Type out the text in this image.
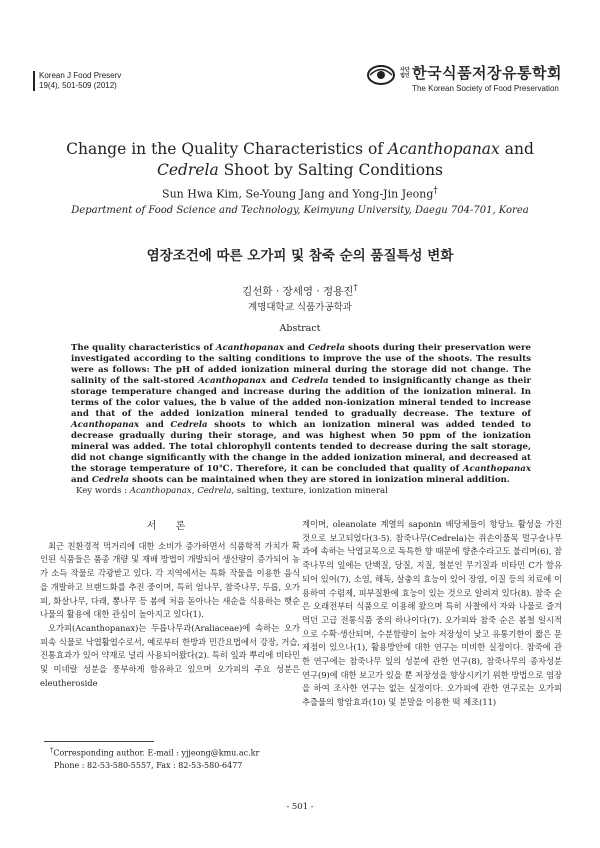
Korean J Food Preserv
19(4), 501-509 (2012)
사단 법인 한국식품저장유통학회
The Korean Society of Food Preservation
Change in the Quality Characteristics of Acanthopanax and
Cedrela Shoot by Salting Conditions
Sun Hwa Kim, Se-Young Jang and Yong-Jin Jeong†
Department of Food Science and Technology, Keimyung University, Daegu 704-701, Korea
염장조건에 따른 오가피 및 참죽 순의 품질특성 변화
김선화 · 장세영 · 정용진†
계명대학교 식품가공학과
Abstract
The quality characteristics of Acanthopanax and Cedrela shoots during their preservation were investigated according to the salting conditions to improve the use of the shoots. The results were as follows: The pH of added ionization mineral during the storage did not change. The salinity of the salt-stored Acanthopanax and Cedrela tended to insignificantly change as their storage temperature changed and increase during the addition of the ionization mineral. In terms of the color values, the b value of the added non-ionization mineral tended to increase and that of the added ionization mineral tended to gradually decrease. The texture of Acanthopanax and Cedrela shoots to which an ionization mineral was added tended to decrease gradually during their storage, and was highest when 50 ppm of the ionization mineral was added. The total chlorophyll contents tended to decrease during the salt storage, did not change significantly with the change in the added ionization mineral, and decreased at the storage temperature of 10℃. Therefore, it can be concluded that quality of Acanthopanax and Cedrela shoots can be maintained when they are stored in ionization mineral addition.
Key words : Acanthopanax, Cedrela, salting, texture, ionization mineral
서 론

최근 친환경적 먹거리에 대한 소비가 증가하면서 식품학적 가치가 확인된 식품들은 품종 개량 및 재배 방법이 개발되어 생산량이 증가되어 농가 소득 작물로 각광받고 있다. 각 지역에서는 특화 작물을 이용한 음식을 개발하고 브랜드화를 추진 중이며, 특히 엄나무, 참죽나무, 두릅, 오가피, 화살나무, 다래, 뽕나무 등 봄에 처음 돋아나는 새순을 식용하는 햇순나물의 활용에 대한 관심이 높아지고 있다(1).

오가피(Acanthopanax)는 두릅나무과(Araliaceae)에 속하는 오가피속 식물로 낙엽활엽수로서, 예로부터 한방과 민간요법에서 강장, 거습, 진통효과가 있어 약재로 널리 사용되어왔다(2). 특히 잎과 뿌리에 비타민 및 미네랄 성분을 풍부하게 함유하고 있으며 오가피의 주요 성분은 eleutheroside

계이며, oleanolate 계열의 saponin 배당체들이 항당뇨 활성을 가진 것으로 보고되었다(3-5). 참죽나무(Cedrela)는 쥐손이풀목 멀구슬나무과에 속하는 낙엽교목으로 독특한 향 때문에 향춘수라고도 불리며(6), 참죽나무의 잎에는 단백질, 당질, 지질, 철분인 무기질과 비타민 C가 함유되어 있어(7), 소염, 해독, 살충의 효능이 있어 장염, 이질 등의 치료에 이용하여 수렴제, 피부질환에 효능이 있는 것으로 알려져 있다(8). 참죽 순은 오래전부터 식품으로 이용해 왔으며 특히 사찰에서 자와 나물로 즐겨먹던 고급 전통식품 중의 하나이다(7). 오가피와 참죽 순은 봄철 일시적으로 수확·생산되며, 수분함량이 높아 저장성이 낮고 유통기한이 짧은 문제점이 있으나(1), 활용방안에 대한 연구는 미비한 실정이다. 참죽에 관한 연구에는 참죽나무 잎의 성분에 관한 연구(8), 참죽나무의 종자성분 연구(9)에 대한 보고가 있을 뿐 저장성을 향상시키기 위한 방법으로 염장을 하여 조사한 연구는 없는 실정이다. 오가피에 관한 연구로는 오가피 추출물의 항암효과(10) 및 분말을 이용한 떡 제조(11)

†Corresponding author. E-mail : yjjeong@kmu.ac.kr
Phone : 82-53-580-5557, Fax : 82-53-580-6477
- 501 -
